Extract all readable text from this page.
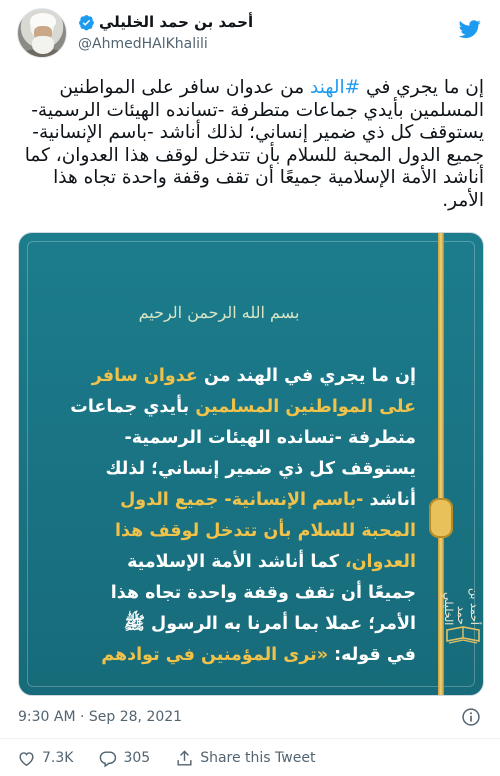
أحمد بن حمد الخليلي
@AhmedHAlKhalili
إن ما يجري في #الهند من عدوان سافر على المواطنين المسلمين بأيدي جماعات متطرفة -تسانده الهيئات الرسمية- يستوقف كل ذي ضمير إنساني؛ لذلك أناشد -باسم الإنسانية- جميع الدول المحبة للسلام بأن تتدخل لوقف هذا العدوان، كما أناشد الأمة الإسلامية جميعًا أن تقف وقفة واحدة تجاه هذا الأمر.
بسم الله الرحمن الرحيم
إن ما يجري في الهند من عدوان سافر
على المواطنين المسلمين بأيدي جماعات
متطرفة -تسانده الهيئات الرسمية-
يستوقف كل ذي ضمير إنساني؛ لذلك
أناشد -باسم الإنسانية- جميع الدول
المحبة للسلام بأن تتدخل لوقف هذا
العدوان، كما أناشد الأمة الإسلامية
جميعًا أن تقف وقفة واحدة تجاه هذا
الأمر؛ عملا بما أمرنا به الرسول ﷺ
في قوله: «ترى المؤمنين في توادهم
أحمد بن حمد الخليلي
9:30 AM · Sep 28, 2021
7.3K	305	Share this Tweet
